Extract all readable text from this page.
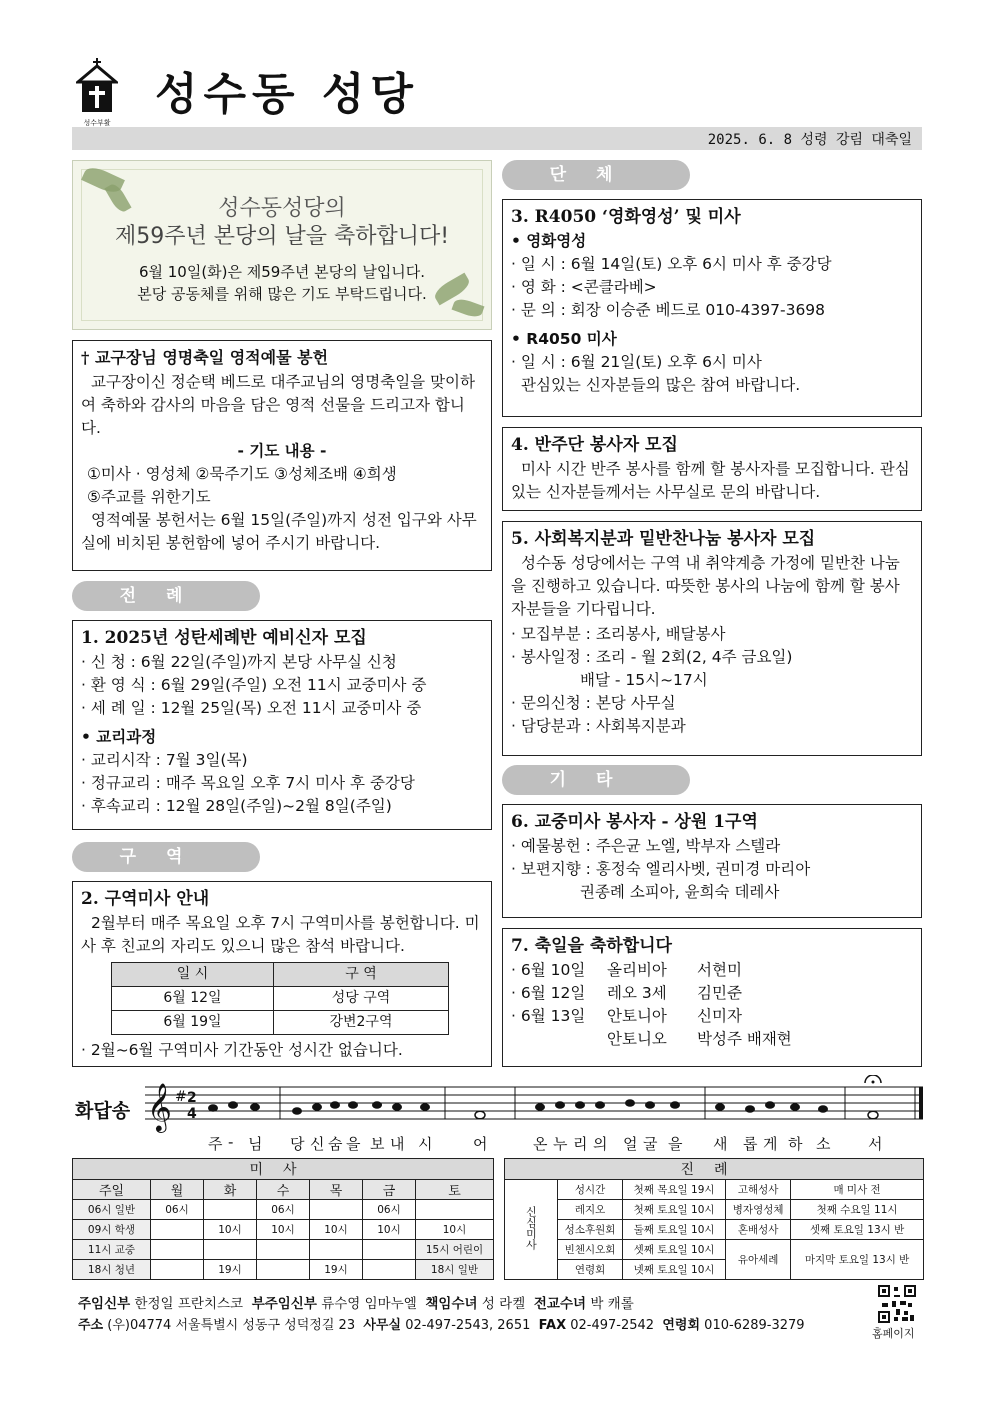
성수부활
성수동 성당
2025. 6. 8 성령 강림 대축일
성수동성당의
제59주년 본당의 날을 축하합니다!
6월 10일(화)은 제59주년 본당의 날입니다.
본당 공동체를 위해 많은 기도 부탁드립니다.
† 교구장님 영명축일 영적예물 봉헌
교구장이신 정순택 베드로 대주교님의 영명축일을 맞이하여 축하와 감사의 마음을 담은 영적 선물을 드리고자 합니다.
- 기도 내용 -
①미사 · 영성체 ②묵주기도 ③성체조배 ④희생
⑤주교를 위한기도
영적예물 봉헌서는 6월 15일(주일)까지 성전 입구와 사무실에 비치된 봉헌함에 넣어 주시기 바랍니다.
전례
1. 2025년 성탄세례반 예비신자 모집
· 신 청 : 6월 22일(주일)까지 본당 사무실 신청
· 환 영 식 : 6월 29일(주일) 오전 11시 교중미사 중
· 세 례 일 : 12월 25일(목) 오전 11시 교중미사 중
• 교리과정
· 교리시작 : 7월 3일(목)
· 정규교리 : 매주 목요일 오후 7시 미사 후 중강당
· 후속교리 : 12월 28일(주일)~2월 8일(주일)
구역
2. 구역미사 안내
2월부터 매주 목요일 오후 7시 구역미사를 봉헌합니다. 미사 후 친교의 자리도 있으니 많은 참석 바랍니다.
일 시	구 역
6월 12일	성당 구역
6월 19일	강변2구역
· 2월~6월 구역미사 기간동안 성시간 없습니다.
단체
3. R4050 ‘영화영성’ 및 미사
• 영화영성
· 일 시 : 6월 14일(토) 오후 6시 미사 후 중강당
· 영 화 : <콘클라베>
· 문 의 : 회장 이승준 베드로 010-4397-3698
• R4050 미사
· 일 시 : 6월 21일(토) 오후 6시 미사
관심있는 신자분들의 많은 참여 바랍니다.
4. 반주단 봉사자 모집
미사 시간 반주 봉사를 함께 할 봉사자를 모집합니다. 관심 있는 신자분들께서는 사무실로 문의 바랍니다.
5. 사회복지분과 밑반찬나눔 봉사자 모집
성수동 성당에서는 구역 내 취약계층 가정에 밑반찬 나눔을 진행하고 있습니다. 따뜻한 봉사의 나눔에 함께 할 봉사자분들을 기다립니다.
· 모집부분 : 조리봉사, 배달봉사
· 봉사일정 : 조리 - 월 2회(2, 4주 금요일)
배달 - 15시~17시
· 문의신청 : 본당 사무실
· 담당분과 : 사회복지분과
기타
6. 교중미사 봉사자 - 상원 1구역
· 예물봉헌 : 주은균 노엘, 박부자 스텔라
· 보편지향 : 홍정숙 엘리사벳, 권미경 마리아
권종례 소피아, 윤희숙 데레사
7. 축일을 축하합니다
· 6월 10일	올리비아	서현미
· 6월 12일	레오 3세	김민준
· 6월 13일	안토니아	신미자
	안토니오	박성주 배재현
화답송 𝄞 # 2
4
주 - 님 당 신 숨 을 보 내 시	어	온 누 리 의 얼 굴 을 새 롭 게 하 소	서
미사						
주일	월	화	수	목	금	토
06시 일반	06시		06시		06시	
09시 학생		10시	10시	10시	10시	10시
11시 교중						15시 어린이
18시 청년		19시		19시		18시 일반
진례				
신심미사	성시간	첫째 목요일 19시	고해성사	매 미사 전
	레지오	첫째 토요일 10시	병자영성체	첫째 수요일 11시
	성소후원회	둘째 토요일 10시	혼배성사	셋째 토요일 13시 반
	빈첸시오회	셋째 토요일 10시	유아세례	마지막 토요일 13시 반
	연령회	넷째 토요일 10시		
주임신부 한정일 프란치스코 부주임신부 류수영 임마누엘 책임수녀 성 라켈 전교수녀 박 캐롤
주소 (우)04774 서울특별시 성동구 성덕정길 23 사무실 02-497-2543, 2651 FAX 02-497-2542 연령회 010-6289-3279
홈페이지
